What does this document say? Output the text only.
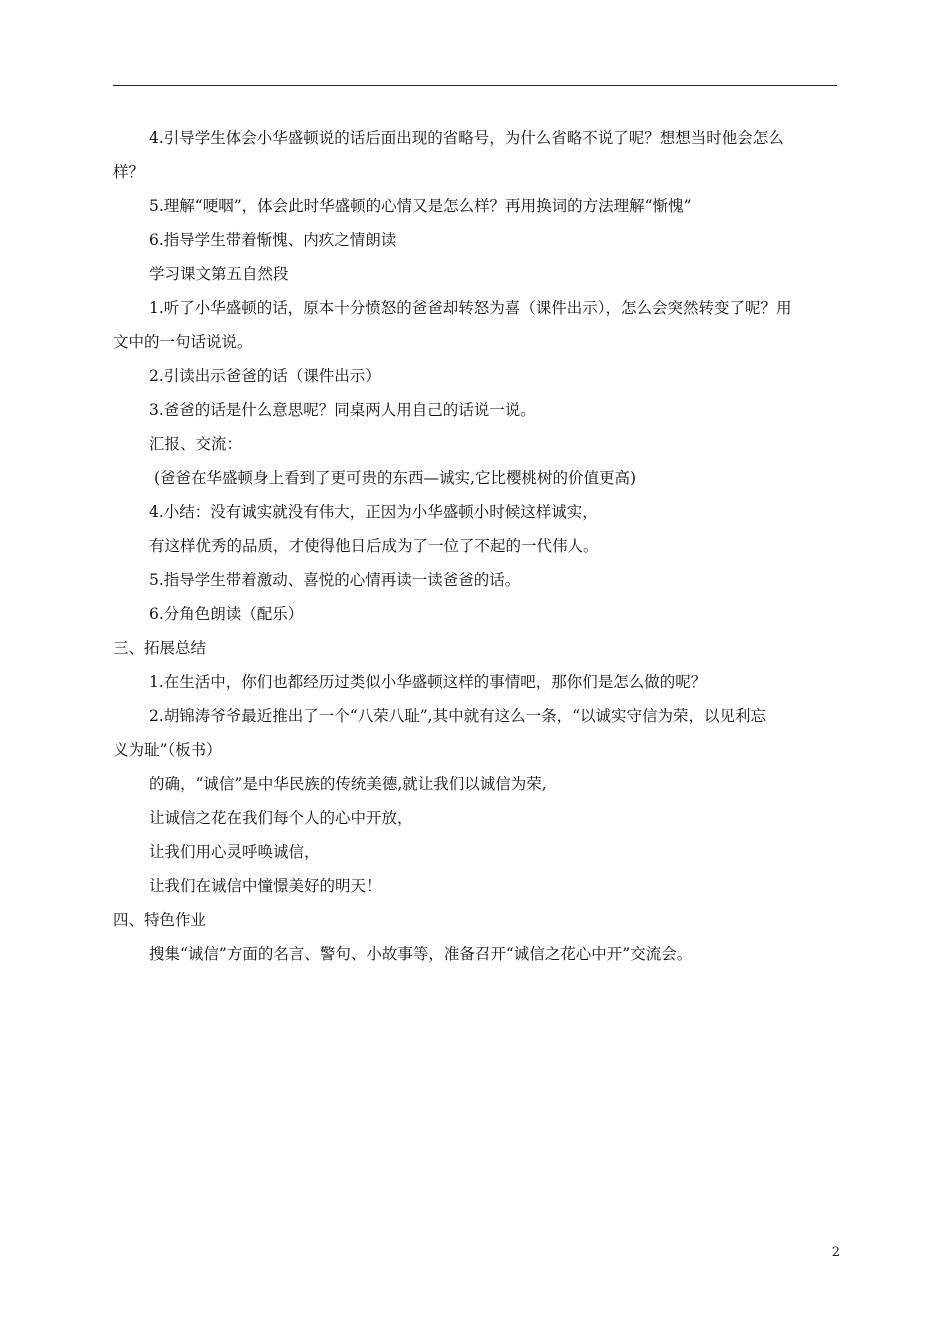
4.引导学生体会小华盛顿说的话后面出现的省略号，为什么省略不说了呢？想想当时他会怎么
样？
5.理解“哽咽”，体会此时华盛顿的心情又是怎么样？再用换词的方法理解“惭愧”
6.指导学生带着惭愧、内疚之情朗读
学习课文第五自然段
1.听了小华盛顿的话，原本十分愤怒的爸爸却转怒为喜（课件出示），怎么会突然转变了呢？用
文中的一句话说说。
2.引读出示爸爸的话（课件出示）
3.爸爸的话是什么意思呢？同桌两人用自己的话说一说。
汇报、交流：
(爸爸在华盛顿身上看到了更可贵的东西—诚实,它比樱桃树的价值更高)
4.小结：没有诚实就没有伟大，正因为小华盛顿小时候这样诚实，
有这样优秀的品质，才使得他日后成为了一位了不起的一代伟人。
5.指导学生带着激动、喜悦的心情再读一读爸爸的话。
6.分角色朗读（配乐）
三、拓展总结
1.在生活中，你们也都经历过类似小华盛顿这样的事情吧，那你们是怎么做的呢？
2.胡锦涛爷爷最近推出了一个“八荣八耻”,其中就有这么一条，“以诚实守信为荣，以见利忘
义为耻”（板书）
的确，“诚信”是中华民族的传统美德,就让我们以诚信为荣,
让诚信之花在我们每个人的心中开放，
让我们用心灵呼唤诚信，
让我们在诚信中憧憬美好的明天！
四、特色作业
搜集“诚信”方面的名言、警句、小故事等，准备召开“诚信之花心中开”交流会。
2
